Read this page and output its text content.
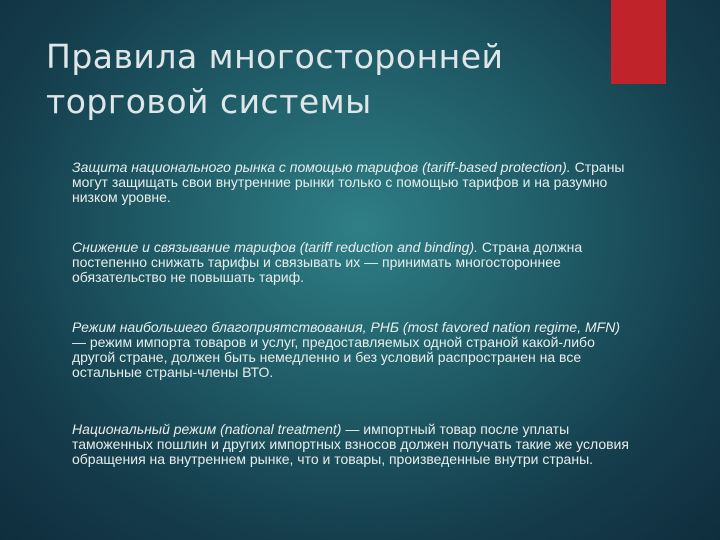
Правила многосторонней
торговой системы

Защита национального рынка с помощью тарифов (tariff-based protection). Страны могут защищать свои внутренние рынки только с помощью тарифов и на разумно низком уровне.

Снижение и связывание тарифов (tariff reduction and binding). Страна должна постепенно снижать тарифы и связывать их — принимать многостороннее обязательство не повышать тариф.

Режим наибольшего благоприятствования, РНБ (most favored nation regime, MFN) — режим импорта товаров и услуг, предоставляемых одной страной какой-либо другой стране, должен быть немедленно и без условий распространен на все остальные страны-члены ВТО.

Национальный режим (national treatment) — импортный товар после уплаты таможенных пошлин и других импортных взносов должен получать такие же условия обращения на внутреннем рынке, что и товары, произведенные внутри страны.
